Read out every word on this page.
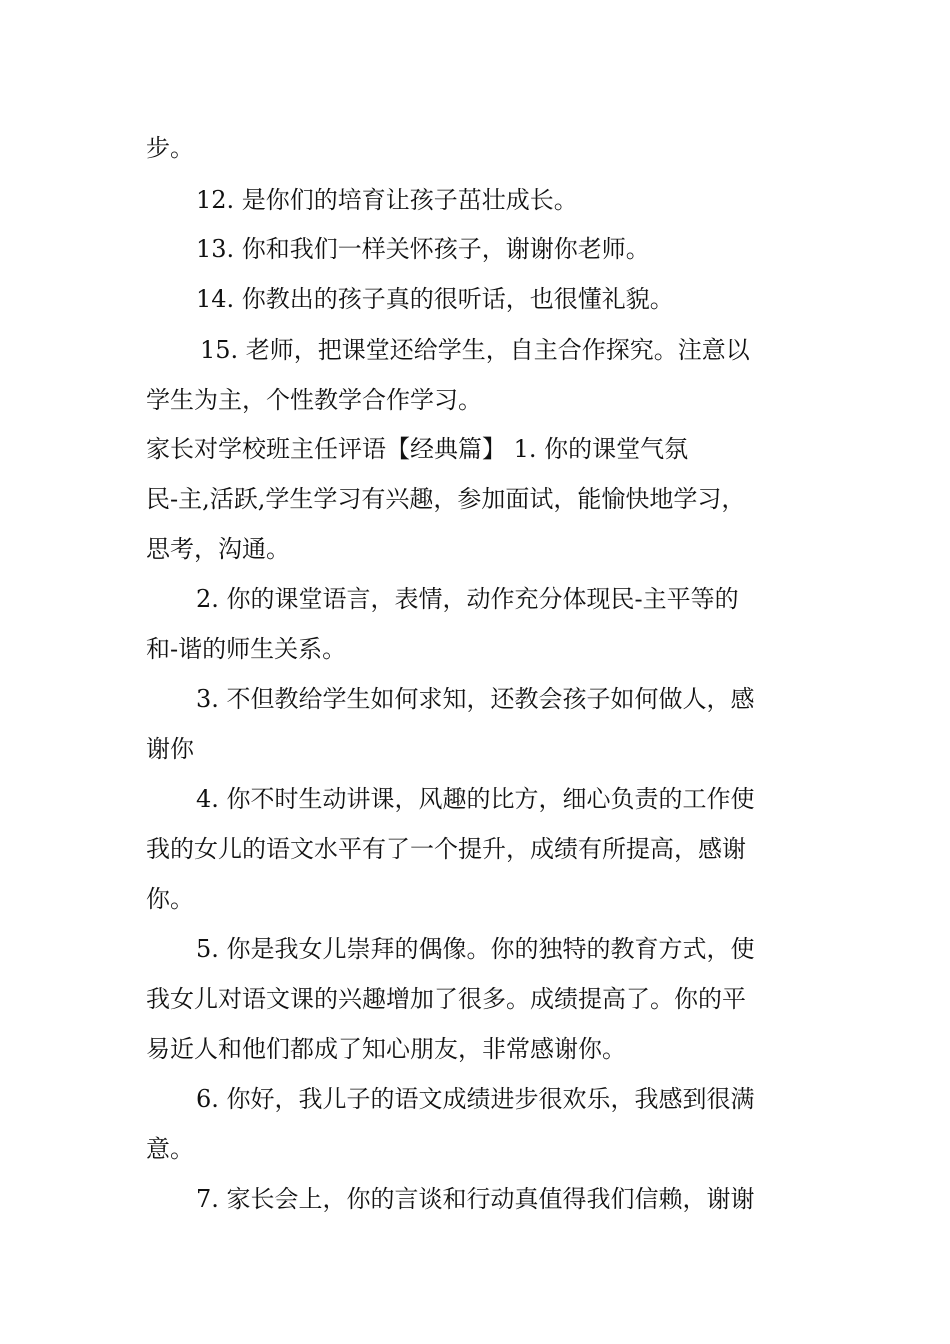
步。
12. 是你们的培育让孩子茁壮成长。
13. 你和我们一样关怀孩子，谢谢你老师。
14. 你教出的孩子真的很听话，也很懂礼貌。
15. 老师，把课堂还给学生，自主合作探究。注意以
学生为主，个性教学合作学习。
家长对学校班主任评语【经典篇】 1. 你的课堂气氛
民-主,活跃,学生学习有兴趣，参加面试，能愉快地学习，
思考，沟通。
2. 你的课堂语言，表情，动作充分体现民-主平等的
和-谐的师生关系。
3. 不但教给学生如何求知，还教会孩子如何做人，感
谢你
4. 你不时生动讲课，风趣的比方，细心负责的工作使
我的女儿的语文水平有了一个提升，成绩有所提高，感谢
你。
5. 你是我女儿崇拜的偶像。你的独特的教育方式，使
我女儿对语文课的兴趣增加了很多。成绩提高了。你的平
易近人和他们都成了知心朋友，非常感谢你。
6. 你好，我儿子的语文成绩进步很欢乐，我感到很满
意。
7. 家长会上，你的言谈和行动真值得我们信赖，谢谢
